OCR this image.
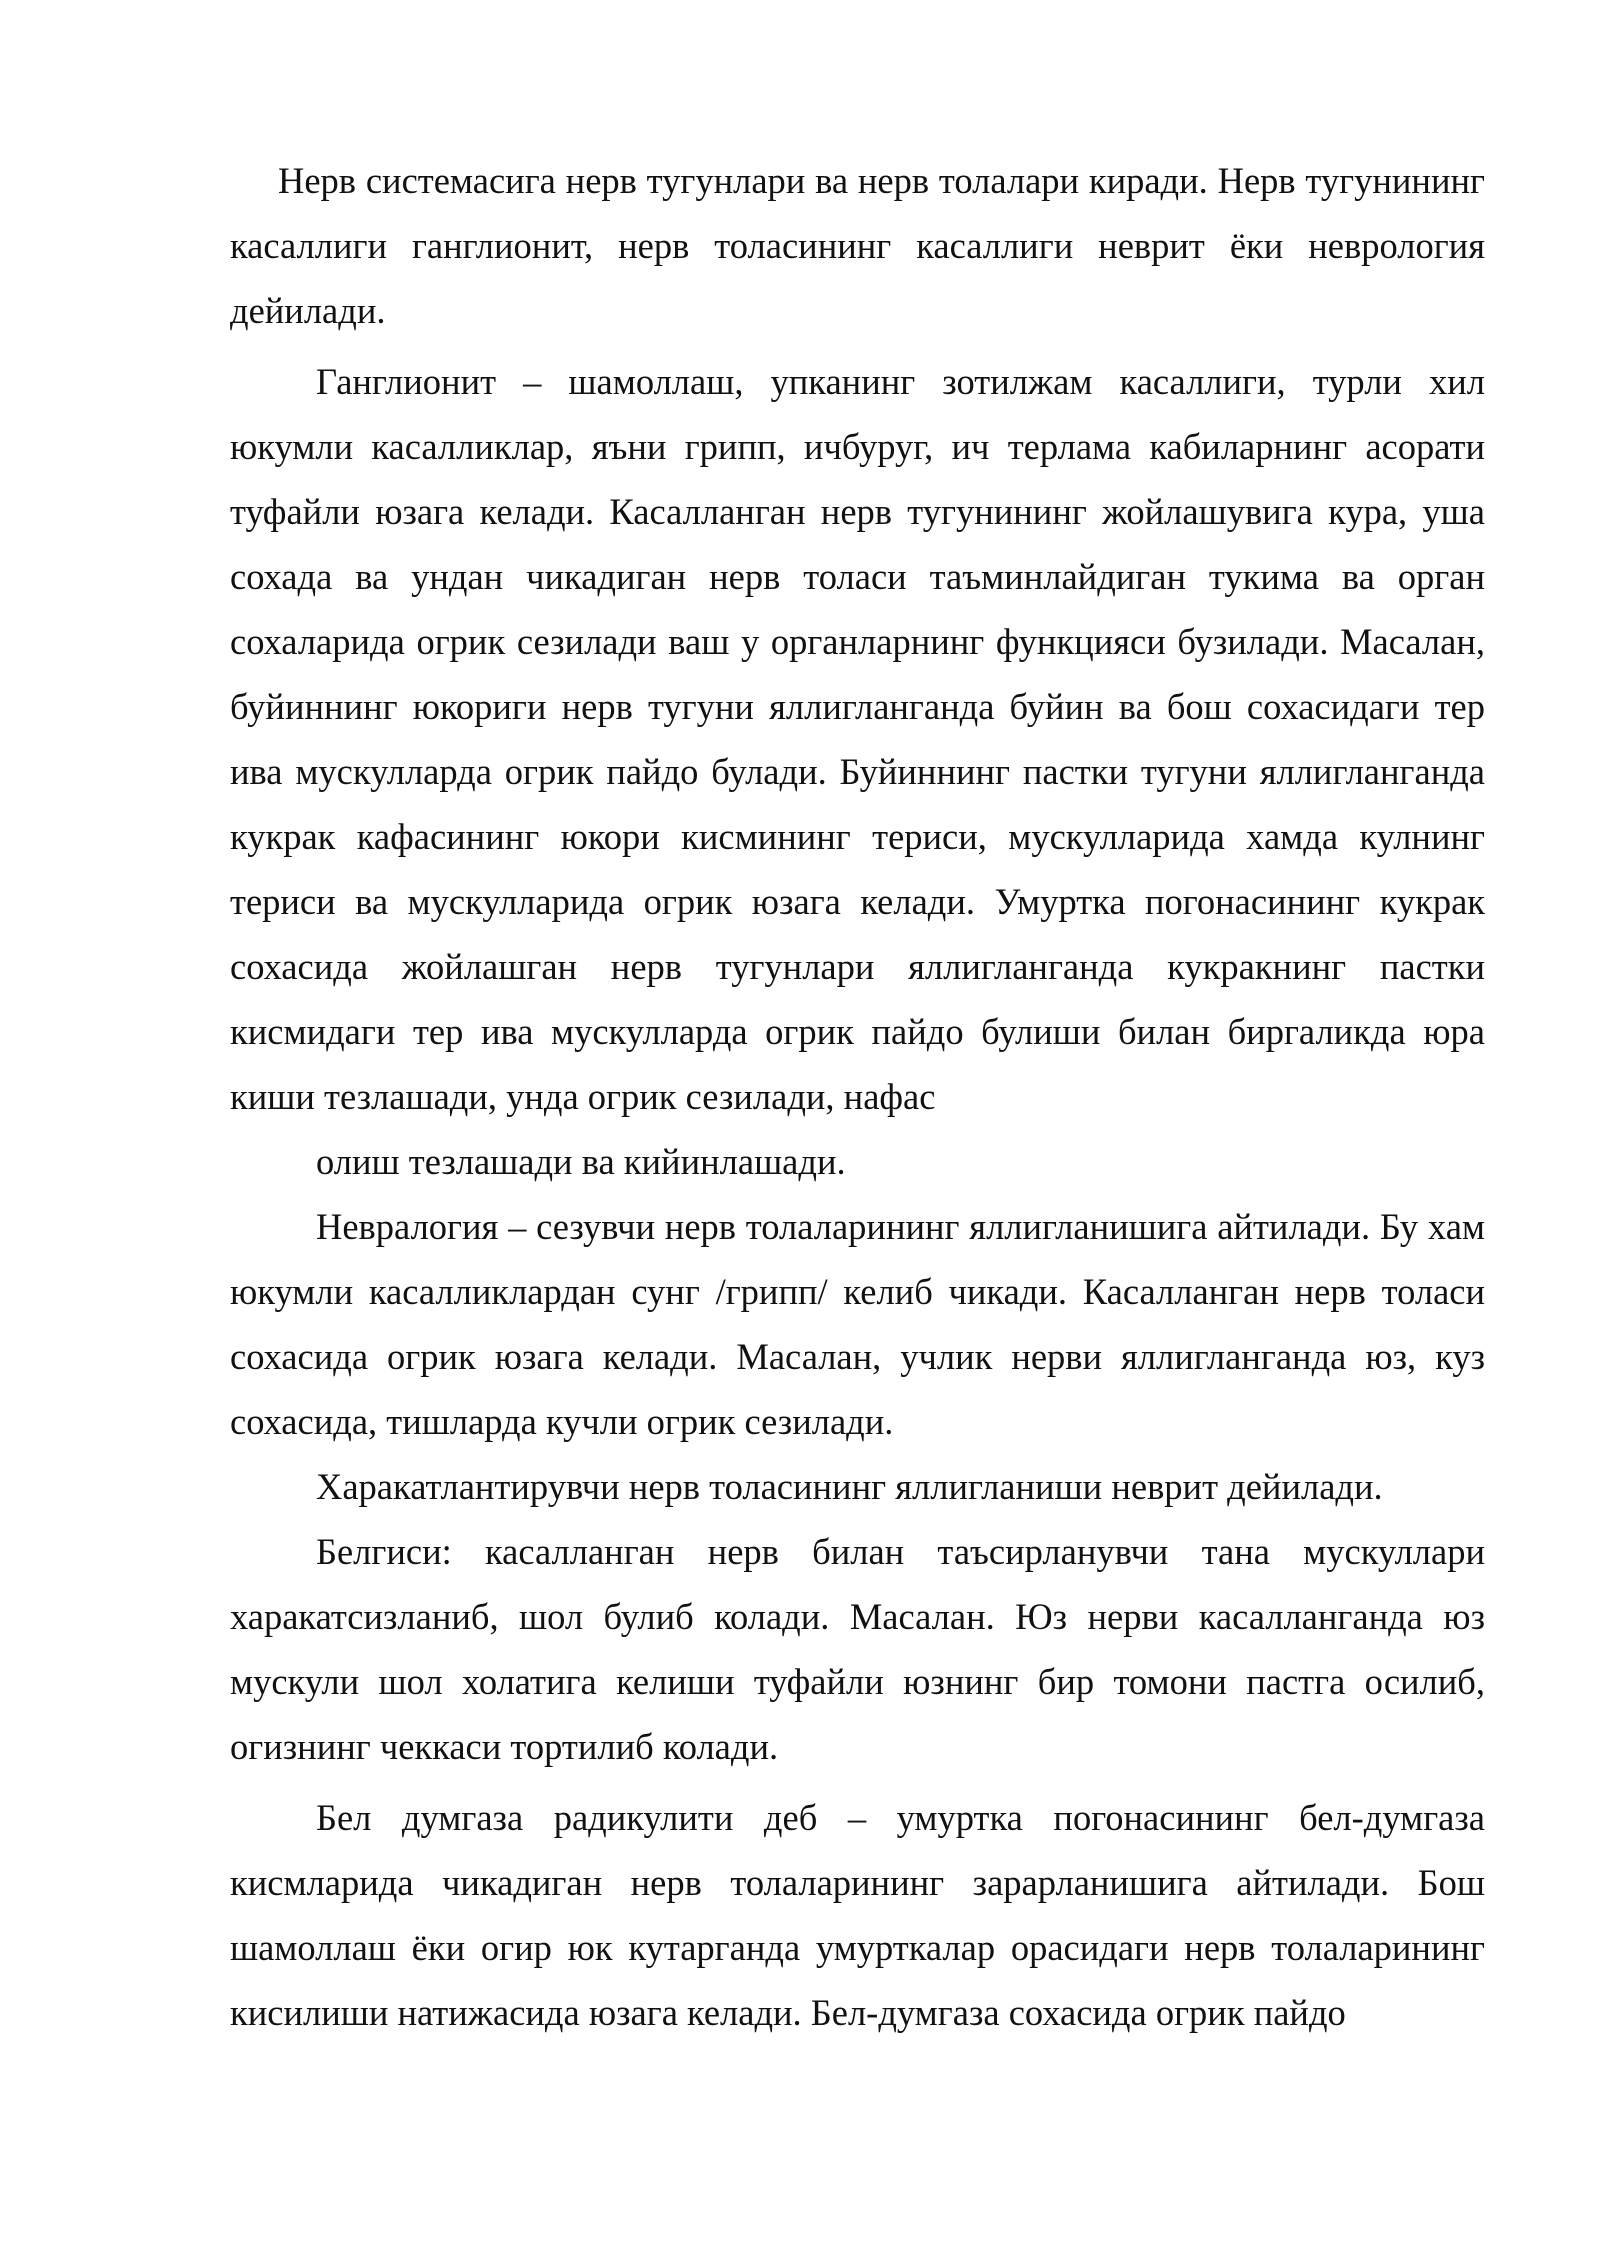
Нерв системасига нерв тугунлари ва нерв толалари киради. Нерв тугунининг касаллиги ганглионит, нерв толасининг касаллиги неврит ёки неврология дейилади.

Ганглионит – шамоллаш, упканинг зотилжам касаллиги, турли хил юкумли касалликлар, яъни грипп, ичбуруг, ич терлама кабиларнинг асорати туфайли юзага келади. Касалланган нерв тугунининг жойлашувига кура, уша сохада ва ундан чикадиган нерв толаси таъминлайдиган тукима ва орган сохаларида огрик сезилади ваш у органларнинг функцияси бузилади. Масалан, буйиннинг юкориги нерв тугуни яллигланганда буйин ва бош сохасидаги тер ива мускулларда огрик пайдо булади. Буйиннинг пастки тугуни яллигланганда кукрак кафасининг юкори кисмининг териси, мускулларида хамда кулнинг териси ва мускулларида огрик юзага келади. Умуртка погонасининг кукрак сохасида жойлашган нерв тугунлари яллигланганда кукракнинг пастки кисмидаги тер ива мускулларда огрик пайдо булиши билан биргаликда юра киши тезлашади, унда огрик сезилади, нафас

олиш тезлашади ва кийинлашади.

Невралогия – сезувчи нерв толаларининг яллигланишига айтилади. Бу хам юкумли касалликлардан сунг /грипп/ келиб чикади. Касалланган нерв толаси сохасида огрик юзага келади. Масалан, учлик нерви яллигланганда юз, куз сохасида, тишларда кучли огрик сезилади.

Харакатлантирувчи нерв толасининг яллигланиши неврит дейилади.

Белгиси: касалланган нерв билан таъсирланувчи тана мускуллари харакатсизланиб, шол булиб колади. Масалан. Юз нерви касалланганда юз мускули шол холатига келиши туфайли юзнинг бир томони пастга осилиб, огизнинг чеккаси тортилиб колади.

Бел думгаза радикулити деб – умуртка погонасининг бел-думгаза кисмларида чикадиган нерв толаларининг зарарланишига айтилади. Бош шамоллаш ёки огир юк кутарганда умурткалар орасидаги нерв толаларининг кисилиши натижасида юзага келади. Бел-думгаза сохасида огрик пайдо
